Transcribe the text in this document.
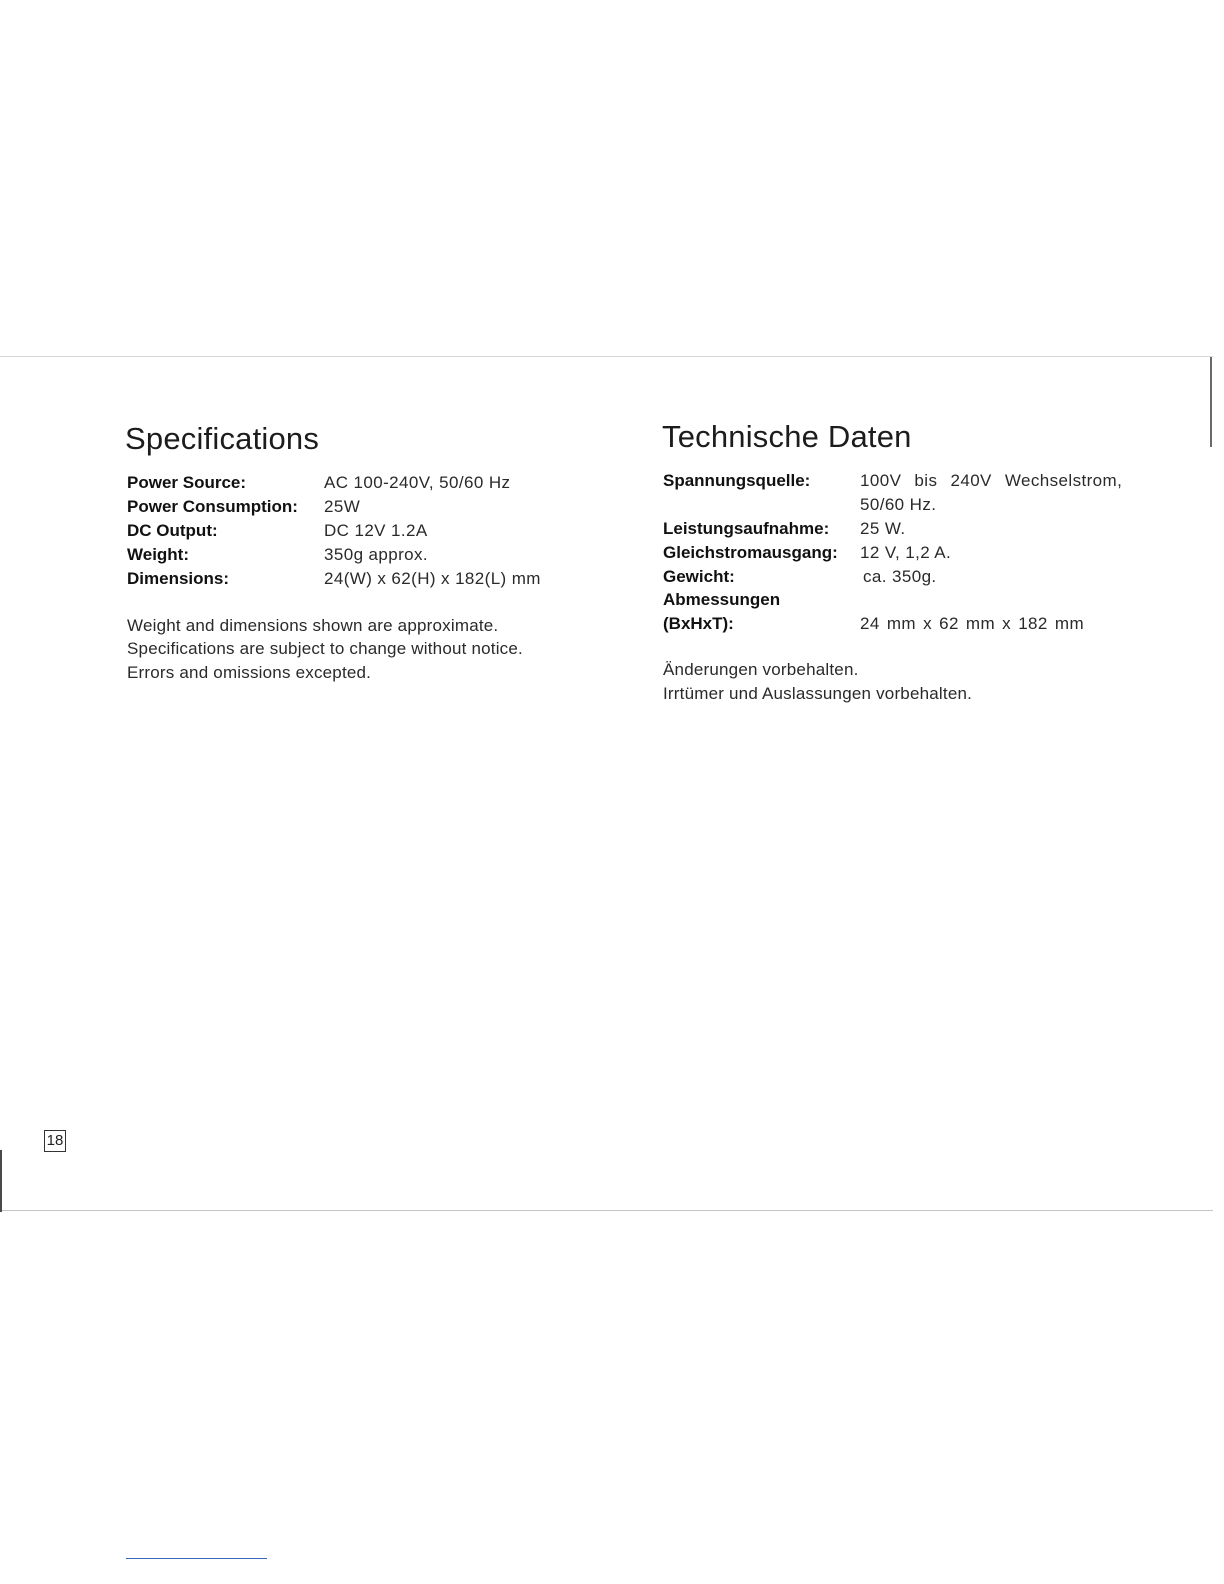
Specifications
Power Source:	AC 100-240V, 50/60 Hz
Power Consumption: 25W
DC Output:	DC 12V 1.2A
Weight:	350g approx.
Dimensions:	24(W) x 62(H) x 182(L) mm
Weight and dimensions shown are approximate.
Specifications are subject to change without notice.
Errors and omissions excepted.
Technische Daten
Spannungsquelle:	100V bis 240V Wechselstrom,
50/60 Hz.
Leistungsaufnahme: 25 W.
Gleichstromausgang: 12 V, 1,2 A.
Gewicht:	ca. 350g.
Abmessungen
(BxHxT):	24 mm x 62 mm x 182 mm
Änderungen vorbehalten.
Irrtümer und Auslassungen vorbehalten.
18
